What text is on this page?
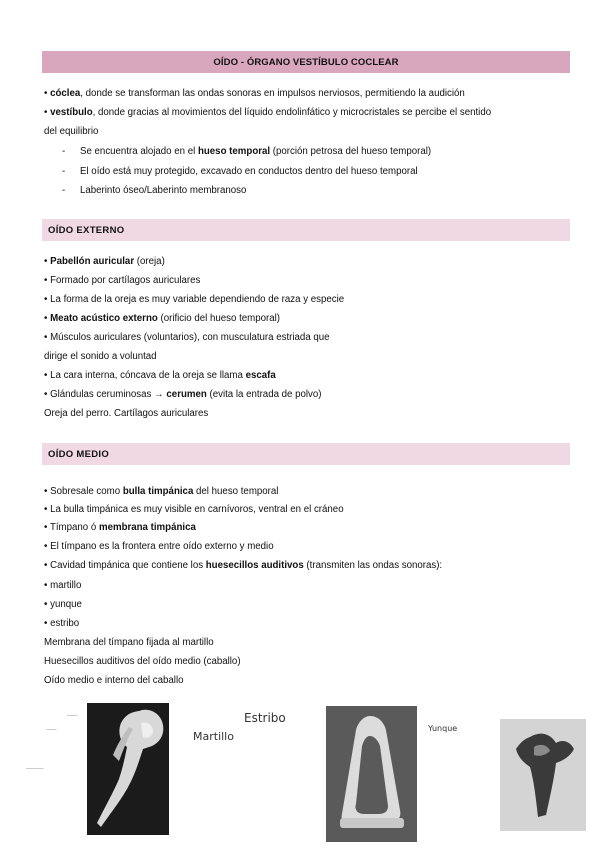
OÍDO - ÓRGANO VESTÍBULO COCLEAR
• cóclea, donde se transforman las ondas sonoras en impulsos nerviosos, permitiendo la audición
• vestíbulo, donde gracias al movimientos del líquido endolinfático y microcristales se percibe el sentido
del equilibrio
- Se encuentra alojado en el hueso temporal (porción petrosa del hueso temporal)
- El oído está muy protegido, excavado en conductos dentro del hueso temporal
- Laberinto óseo/Laberinto membranoso
OÍDO EXTERNO
• Pabellón auricular (oreja)
• Formado por cartílagos auriculares
• La forma de la oreja es muy variable dependiendo de raza y especie
• Meato acústico externo (orificio del hueso temporal)
• Músculos auriculares (voluntarios), con musculatura estriada que
dirige el sonido a voluntad
• La cara interna, cóncava de la oreja se llama escafa
• Glándulas ceruminosas → cerumen (evita la entrada de polvo)
Oreja del perro. Cartílagos auriculares
OÍDO MEDIO
• Sobresale como bulla timpánica del hueso temporal
• La bulla timpánica es muy visible en carnívoros, ventral en el cráneo
• Tímpano ó membrana timpánica
• El tímpano es la frontera entre oído externo y medio
• Cavidad timpánica que contiene los huesecillos auditivos (transmiten las ondas sonoras):
• martillo
• yunque
• estribo
Membrana del tímpano fijada al martillo
Huesecillos auditivos del oído medio (caballo)
Oído medio e interno del caballo
———
———
—————
Martillo
Estribo
Yunque
